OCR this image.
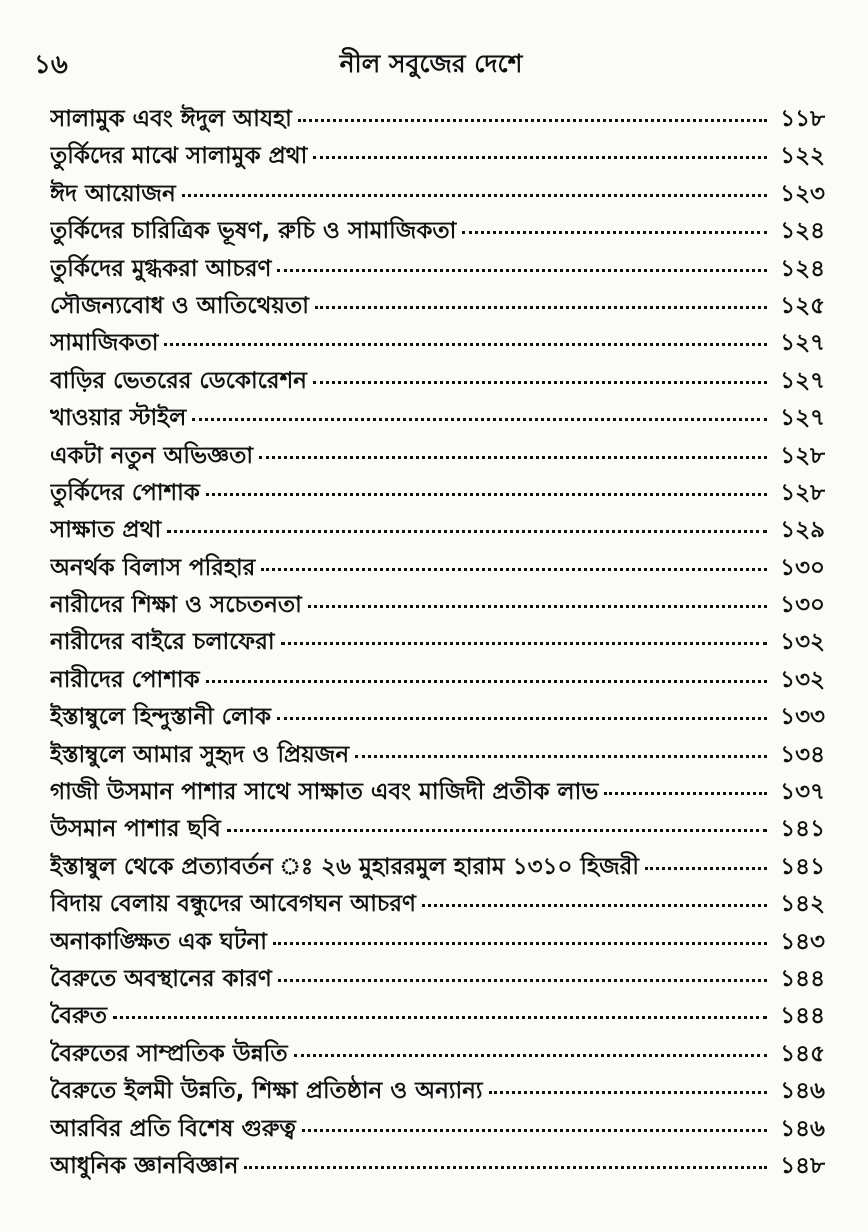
১৬	নীল সবুজের দেশে
সালামুক এবং ঈদুল আযহা	১১৮
তুর্কিদের মাঝে সালামুক প্রথা	১২২
ঈদ আয়োজন	১২৩
তুর্কিদের চারিত্রিক ভূষণ, রুচি ও সামাজিকতা	১২৪
তুর্কিদের মুগ্ধকরা আচরণ	১২৪
সৌজন্যবোধ ও আতিথেয়তা	১২৫
সামাজিকতা	১২৭
বাড়ির ভেতরের ডেকোরেশন	১২৭
খাওয়ার স্টাইল	১২৭
একটা নতুন অভিজ্ঞতা	১২৮
তুর্কিদের পোশাক	১২৮
সাক্ষাত প্রথা	১২৯
অনর্থক বিলাস পরিহার	১৩০
নারীদের শিক্ষা ও সচেতনতা	১৩০
নারীদের বাইরে চলাফেরা	১৩২
নারীদের পোশাক	১৩২
ইস্তাম্বুলে হিন্দুস্তানী লোক	১৩৩
ইস্তাম্বুলে আমার সুহৃদ ও প্রিয়জন	১৩৪
গাজী উসমান পাশার সাথে সাক্ষাত এবং মাজিদী প্রতীক লাভ	১৩৭
উসমান পাশার ছবি	১৪১
ইস্তাম্বুল থেকে প্রত্যাবর্তন ঃ ২৬ মুহাররমুল হারাম ১৩১০ হিজরী	১৪১
বিদায় বেলায় বন্ধুদের আবেগঘন আচরণ	১৪২
অনাকাঙ্ক্ষিত এক ঘটনা	১৪৩
বৈরুতে অবস্থানের কারণ	১৪৪
বৈরুত	১৪৪
বৈরুতের সাম্প্রতিক উন্নতি	১৪৫
বৈরুতে ইলমী উন্নতি, শিক্ষা প্রতিষ্ঠান ও অন্যান্য	১৪৬
আরবির প্রতি বিশেষ গুরুত্ব	১৪৬
আধুনিক জ্ঞানবিজ্ঞান	১৪৮
